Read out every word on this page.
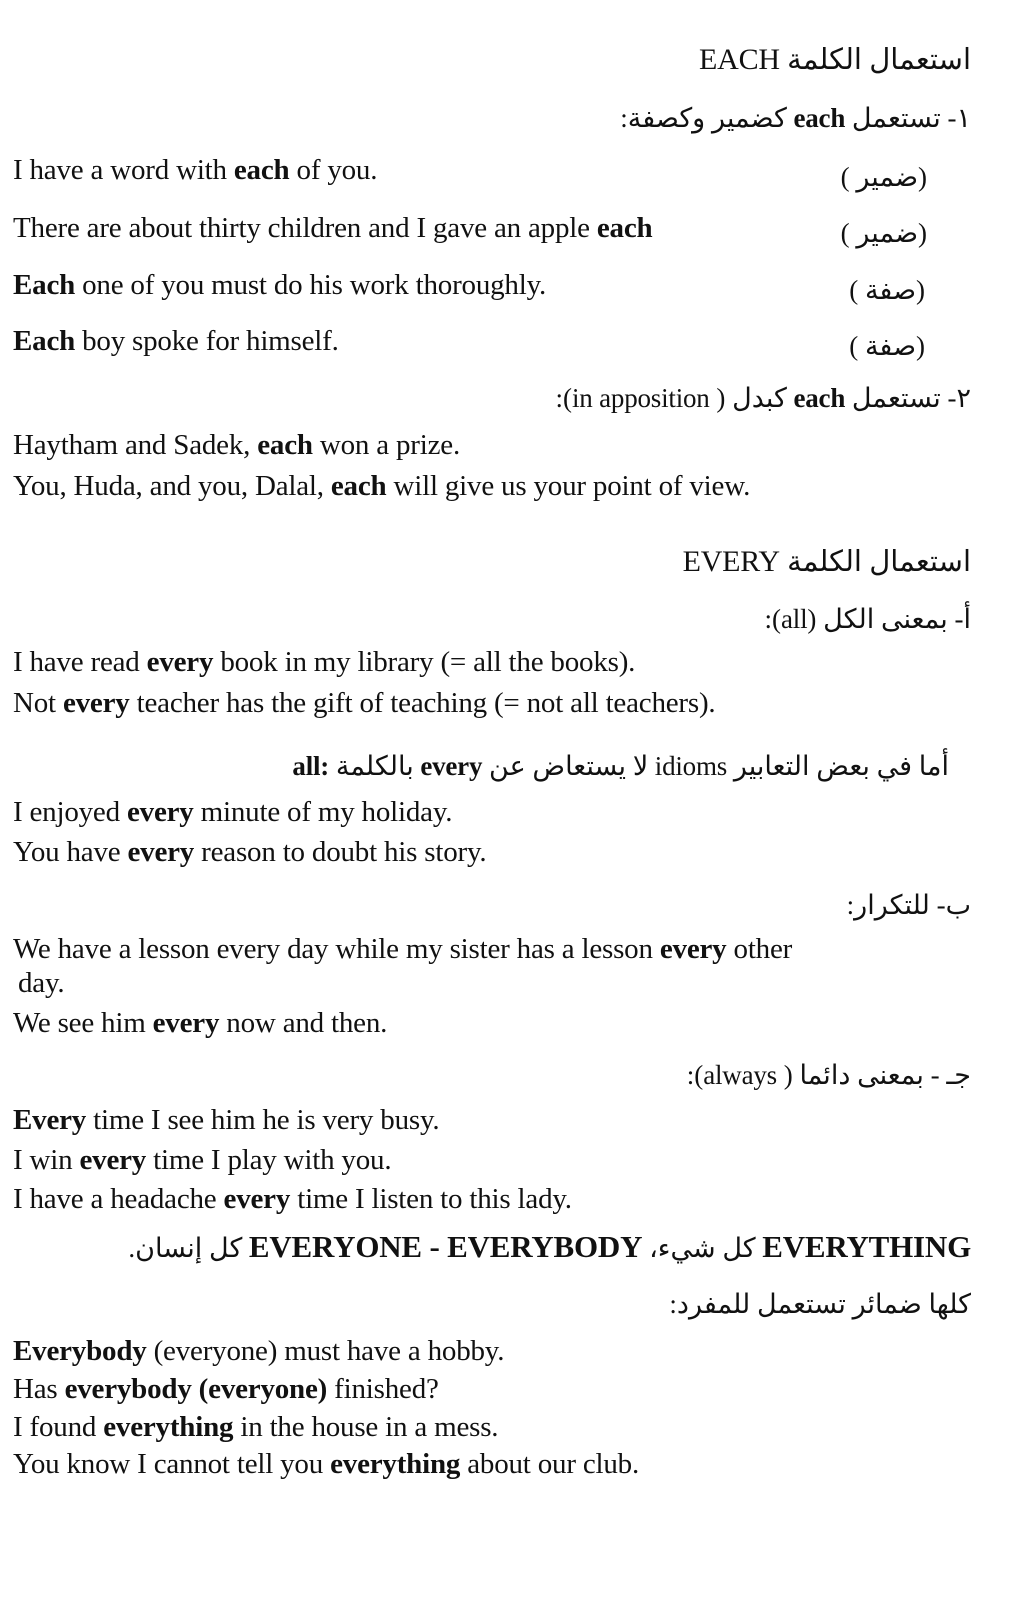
استعمال الكلمة EACH
١- تستعمل each كضمير وكصفة:
I have a word with each of you.	(ضمير )
There are about thirty children and I gave an apple each	(ضمير )
Each one of you must do his work thoroughly.	(صفة )
Each boy spoke for himself.	(صفة )
٢- تستعمل each كبدل ( in apposition):
Haytham and Sadek, each won a prize.
You, Huda, and you, Dalal, each will give us your point of view.
استعمال الكلمة EVERY
أ- بمعنى الكل (all):
I have read every book in my library (= all the books).
Not every teacher has the gift of teaching (= not all teachers).
أما في بعض التعابير idioms لا يستعاض عن every بالكلمة all:
I enjoyed every minute of my holiday.
You have every reason to doubt his story.
ب- للتكرار:
We have a lesson every day while my sister has a lesson every other
day.
We see him every now and then.
جـ - بمعنى دائما ( always):
Every time I see him he is very busy.
I win every time I play with you.
I have a headache every time I listen to this lady.
EVERYTHING كل شيء، EVERYONE - EVERYBODY كل إنسان.
كلها ضمائر تستعمل للمفرد:
Everybody (everyone) must have a hobby.
Has everybody (everyone) finished?
I found everything in the house in a mess.
You know I cannot tell you everything about our club.
